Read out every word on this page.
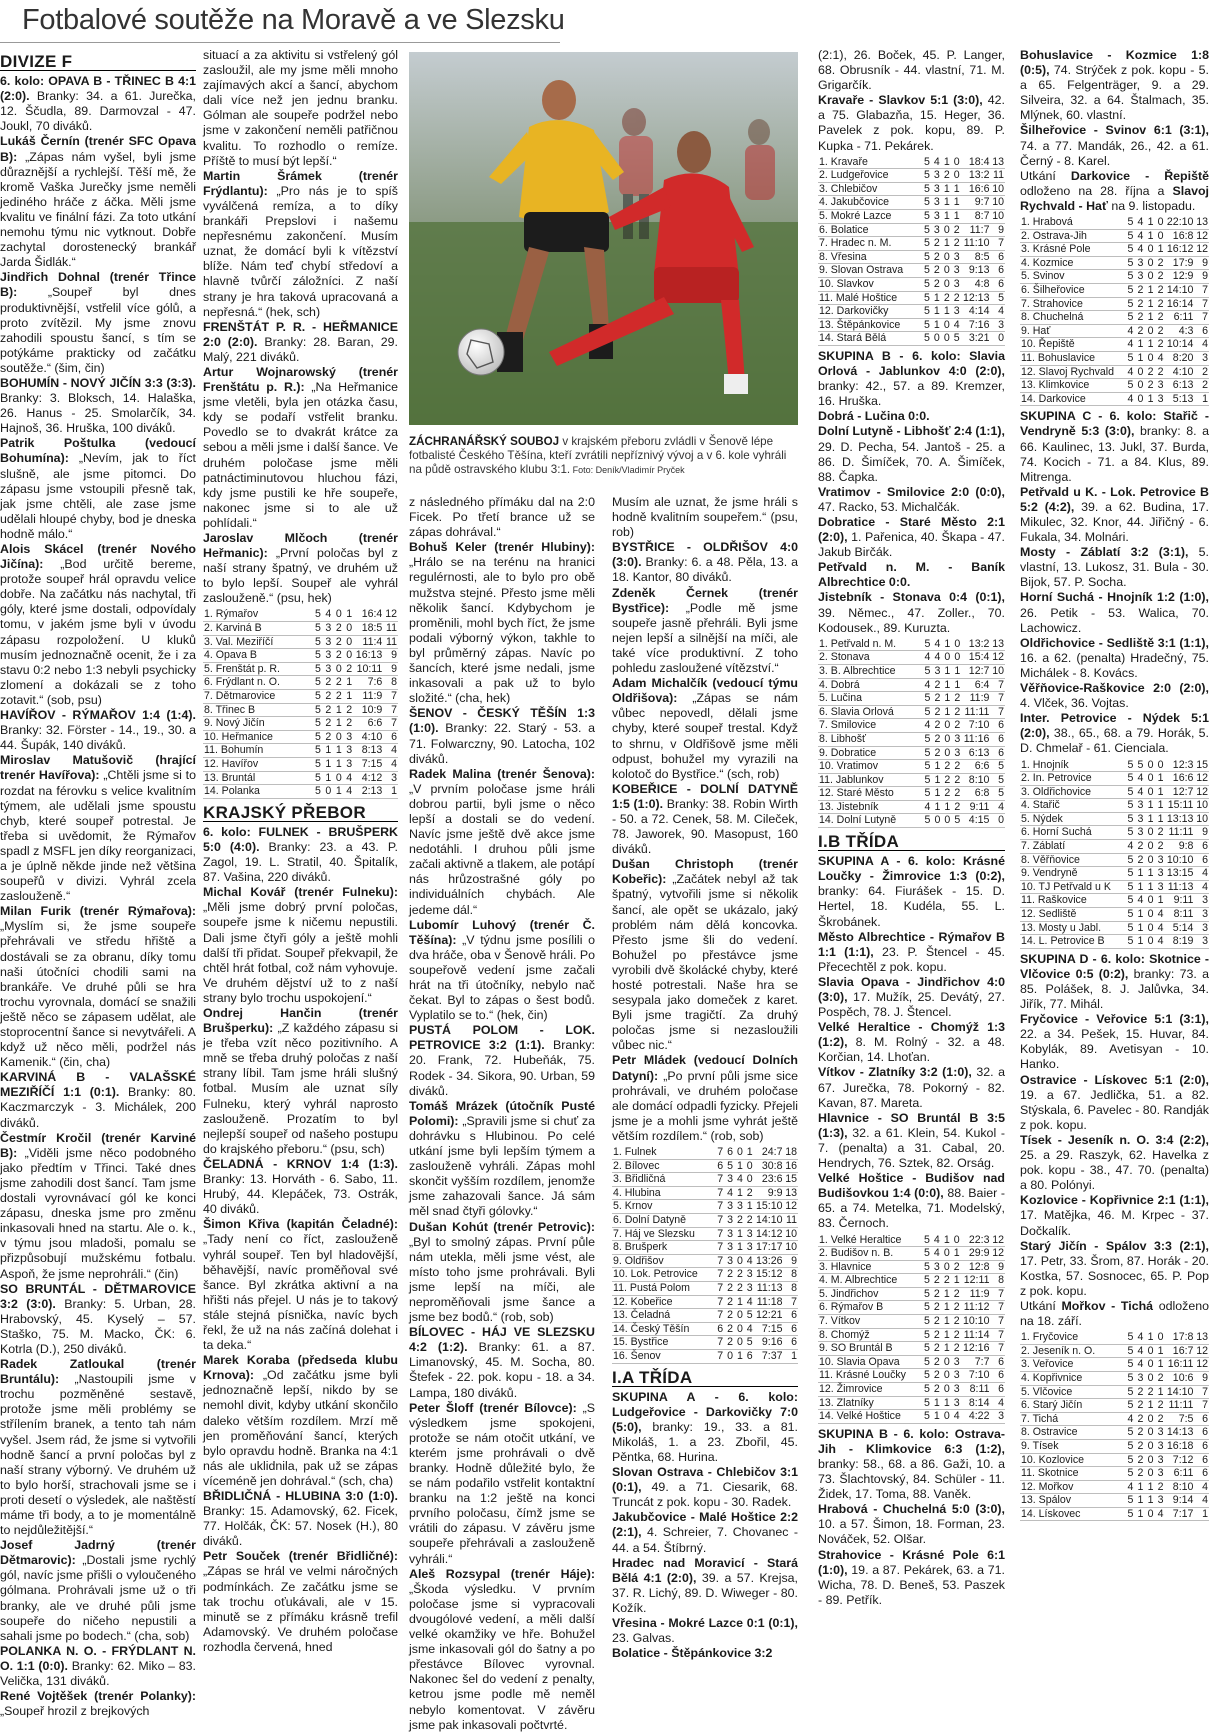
Fotbalové soutěže na Moravě a ve Slezsku
DIVIZE F

6. kolo: OPAVA B - TŘINEC B 4:1 (2:0). Branky: 34. a 61. Jurečka, 12. Ščudla, 89. Darmovzal - 47. Joukl, 70 diváků.

Lukáš Černín (trenér SFC Opava B): „Zápas nám vyšel, byli jsme důraznější a rychlejší. Těší mě, že kromě Vaška Jurečky jsme neměli jediného hráče z áčka. Měli jsme kvalitu ve finální fázi. Za toto utkání nemohu týmu nic vytknout. Dobře zachytal dorostenecký brankář Jarda Šidlák.“

Jindřich Dohnal (trenér Třince B): „Soupeř byl dnes produktivnější, vstřelil více gólů, a proto zvítězil. My jsme znovu zahodili spoustu šancí, s tím se potýkáme prakticky od začátku soutěže.“ (šim, čin)

BOHUMÍN - NOVÝ JIČÍN 3:3 (3:3). Branky: 3. Bloksch, 14. Halaška, 26. Hanus - 25. Smolarčík, 34. Hajnoš, 36. Hruška, 100 diváků.

Patrik Poštulka (vedoucí Bohumína): „Nevím, jak to říct slušně, ale jsme pitomci. Do zápasu jsme vstoupili přesně tak, jak jsme chtěli, ale zase jsme udělali hloupé chyby, bod je dneska hodně málo.“

Alois Skácel (trenér Nového Jičína): „Bod určitě bereme, protože soupeř hrál opravdu velice dobře. Na začátku nás nachytal, tři góly, které jsme dostali, odpovídaly tomu, v jakém jsme byli v úvodu zápasu rozpoložení. U kluků musím jednoznačně ocenit, že i za stavu 0:2 nebo 1:3 nebyli psychicky zlomení a dokázali se z toho zotavit.“ (sob, psu)

HAVÍŘOV - RÝMAŘOV 1:4 (1:4). Branky: 32. Förster - 14., 19., 30. a 44. Šupák, 140 diváků.

Miroslav Matušovič (hrající trenér Havířova): „Chtěli jsme si to rozdat na férovku s velice kvalitním týmem, ale udělali jsme spoustu chyb, které soupeř potrestal. Je třeba si uvědomit, že Rýmařov spadl z MSFL jen díky reorganizaci, a je úplně někde jinde než většina soupeřů v divizi. Vyhrál zcela zaslouženě.“

Milan Furik (trenér Rýmařova): „Myslím si, že jsme soupeře přehrávali ve středu hřiště a dostávali se za obranu, díky tomu naši útočníci chodili sami na brankáře. Ve druhé půli se hra trochu vyrovnala, domácí se snažili ještě něco se zápasem udělat, ale stoprocentní šance si nevytvářeli. A když už něco měli, podržel nás Kamenik.“ (čin, cha)

KARVINÁ B - VALAŠSKÉ MEZIŘÍČÍ 1:1 (0:1). Branky: 80. Kaczmarczyk - 3. Michálek, 200 diváků.

Čestmír Kročil (trenér Karviné B): „Viděli jsme něco podobného jako předtím v Třinci. Také dnes jsme zahodili dost šancí. Tam jsme dostali vyrovnávací gól ke konci zápasu, dneska jsme pro změnu inkasovali hned na startu. Ale o. k., v týmu jsou mladoši, pomalu se přizpůsobují mužskému fotbalu. Aspoň, že jsme neprohráli.“ (čin)

SO BRUNTÁL - DĚTMAROVICE 3:2 (3:0). Branky: 5. Urban, 28. Hrabovský, 45. Kyselý – 57. Staško, 75. M. Macko, ČK: 6. Kotrla (D.), 250 diváků.

Radek Zatloukal (trenér Bruntálu): „Nastoupili jsme v trochu pozměněné sestavě, protože jsme měli problémy se střílením branek, a tento tah nám vyšel. Jsem rád, že jsme si vytvořili hodně šancí a první poločas byl z naší strany výborný. Ve druhém už to bylo horší, strachovali jsme se i proti desetí o výsledek, ale naštěstí máme tři body, a to je momentálně to nejdůležitější.“

Josef Jadrný (trenér Dětmarovic): „Dostali jsme rychlý gól, navíc jsme přišli o vyloučeného gólmana. Prohrávali jsme už o tři branky, ale ve druhé půli jsme soupeře do ničeho nepustili a sahali jsme po bodech.“ (cha, sob)

POLANKA N. O. - FRÝDLANT N. O. 1:1 (0:0). Branky: 62. Miko – 83. Velička, 131 diváků.

René Vojtěšek (trenér Polanky): „Soupeř hrozil z brejkových

situací a za aktivitu si vstřelený gól zasloužil, ale my jsme měli mnoho zajímavých akcí a šancí, abychom dali více než jen jednu branku. Gólman ale soupeře podržel nebo jsme v zakončení neměli patřičnou kvalitu. To rozhodlo o remíze. Příště to musí být lepší.“

Martin Šrámek (trenér Frýdlantu): „Pro nás je to spíš vyválčená remíza, a to díky brankáři Prepslovi i našemu nepřesnému zakončení. Musím uznat, že domácí byli k vítězství blíže. Nám teď chybí středoví a hlavně tvůrčí záložníci. Z naší strany je hra taková upracovaná a nepřesná.“ (hek, sch)

FRENŠTÁT P. R. - HEŘMANICE 2:0 (2:0). Branky: 28. Baran, 29. Malý, 221 diváků.

Artur Wojnarowský (trenér Frenštátu p. R.): „Na Heřmanice jsme vletěli, byla jen otázka času, kdy se podaří vstřelit branku. Povedlo se to dvakrát krátce za sebou a měli jsme i další šance. Ve druhém poločase jsme měli patnáctiminutovou hluchou fázi, kdy jsme pustili ke hře soupeře, nakonec jsme si to ale už pohlídali.“

Jaroslav Mlčoch (trenér Heřmanic): „První poločas byl z naší strany špatný, ve druhém už to bylo lepší. Soupeř ale vyhrál zaslouženě.“ (psu, hek)

1. Rýmařov	5	4	0	1	16:4	12
2. Karviná B	5	3	2	0	18:5	11
3. Val. Meziříčí	5	3	2	0	11:4	11
4. Opava B	5	3	2	0	16:13	9
5. Frenštát p. R.	5	3	0	2	10:11	9
6. Frýdlant n. O.	5	2	2	1	7:6	8
7. Dětmarovice	5	2	2	1	11:9	7
8. Třinec B	5	2	1	2	10:9	7
9. Nový Jičín	5	2	1	2	6:6	7
10. Heřmanice	5	2	0	3	4:10	6
11. Bohumín	5	1	1	3	8:13	4
12. Havířov	5	1	1	3	7:15	4
13. Bruntál	5	1	0	4	4:12	3
14. Polanka	5	0	1	4	2:13	1
KRAJSKÝ PŘEBOR

6. kolo: FULNEK - BRUŠPERK 5:0 (4:0). Branky: 23. a 43. P. Zagol, 19. L. Stratil, 40. Špitalík, 87. Vašina, 220 diváků.

Michal Kovář (trenér Fulneku): „Měli jsme dobrý první poločas, soupeře jsme k ničemu nepustili. Dali jsme čtyři góly a ještě mohli další tři přidat. Soupeř překvapil, že chtěl hrát fotbal, což nám vyhovuje. Ve druhém dějství už to z naší strany bylo trochu uspokojení.“

Ondrej Hančin (trenér Brušperku): „Z každého zápasu si je třeba vzít něco pozitivního. A mně se třeba druhý poločas z naší strany líbil. Tam jsme hráli slušný fotbal. Musím ale uznat síly Fulneku, který vyhrál naprosto zaslouženě. Prozatím to byl nejlepší soupeř od našeho postupu do krajského přeboru.“ (psu, sch)

ČELADNÁ - KRNOV 1:4 (1:3). Branky: 13. Horváth - 6. Sabo, 11. Hrubý, 44. Klepáček, 73. Ostrák, 40 diváků.

Šimon Křiva (kapitán Čeladné): „Tady není co říct, zaslouženě vyhrál soupeř. Ten byl hladovější, běhavější, navíc proměňoval své šance. Byl zkrátka aktivní a na hřišti nás přejel. U nás je to takový stále stejná písnička, navíc bych řekl, že už na nás začíná dolehat i ta deka.“

Marek Koraba (předseda klubu Krnova): „Od začátku jsme byli jednoznačně lepší, nikdo by se nemohl divit, kdyby utkání skončilo daleko větším rozdílem. Mrzí mě jen proměňování šancí, kterých bylo opravdu hodně. Branka na 4:1 nás ale uklidnila, pak už se zápas víceméně jen dohrával.“ (sch, cha)

BŘIDLIČNÁ - HLUBINA 3:0 (1:0). Branky: 15. Adamovský, 62. Ficek, 77. Holčák, ČK: 57. Nosek (H.), 80 diváků.

Petr Souček (trenér Břidličné): „Zápas se hrál ve velmi náročných podmínkách. Ze začátku jsme se tak trochu oťukávali, ale v 15. minutě se z přímáku krásně trefil Adamovský. Ve druhém poločase rozhodla červená, hned

ZÁCHRANÁŘSKÝ SOUBOJ v krajském přeboru zvládli v Šenově lépe fotbalisté Českého Těšína, kteří zvrátili nepříznivý vývoj a v 6. kole vyhráli na půdě ostravského klubu 3:1. Foto: Deník/Vladimír Pryček

z následného přímáku dal na 2:0 Ficek. Po třetí brance už se zápas dohrával.“

Bohuš Keler (trenér Hlubiny): „Hrálo se na terénu na hranici regulérnosti, ale to bylo pro obě mužstva stejné. Přesto jsme měli několik šancí. Kdybychom je proměnili, mohl bych říct, že jsme podali výborný výkon, takhle to byl průměrný zápas. Navíc po šancích, které jsme nedali, jsme inkasovali a pak už to bylo složité.“ (cha, hek)

ŠENOV - ČESKÝ TĚŠÍN 1:3 (1:0). Branky: 22. Starý - 53. a 71. Folwarczny, 90. Latocha, 102 diváků.

Radek Malina (trenér Šenova): „V prvním poločase jsme hráli dobrou partii, byli jsme o něco lepší a dostali se do vedení. Navíc jsme ještě dvě akce jsme nedotáhli. I druhou půli jsme začali aktivně a tlakem, ale potápí nás hrůzostrašné góly po individuálních chybách. Ale jedeme dál.“

Lubomír Luhový (trenér Č. Těšína): „V týdnu jsme posílili o dva hráče, oba v Šenově hráli. Po soupeřově vedení jsme začali hrát na tři útočníky, nebylo nač čekat. Byl to zápas o šest bodů. Vyplatilo se to.“ (hek, čin)

PUSTÁ POLOM - LOK. PETROVICE 3:2 (1:1). Branky: 20. Frank, 72. Hubeňák, 75. Rodek - 34. Sikora, 90. Urban, 59 diváků.

Tomáš Mrázek (útočník Pusté Polomi): „Spravili jsme si chuť za dohrávku s Hlubinou. Po celé utkání jsme byli lepším týmem a zaslouženě vyhráli. Zápas mohl skončit vyšším rozdílem, jenomže jsme zahazovali šance. Já sám měl snad čtyři gólovky.“

Dušan Kohút (trenér Petrovic): „Byl to smolný zápas. První půle nám utekla, měli jsme vést, ale místo toho jsme prohrávali. Byli jsme lepší na míči, ale neproměňovali jsme šance a jsme bez bodů.“ (rob, sob)

BÍLOVEC - HÁJ VE SLEZSKU 4:2 (1:2). Branky: 61. a 87. Limanovský, 45. M. Socha, 80. Štefek - 22. pok. kopu - 18. a 34. Lampa, 180 diváků.

Peter Šloff (trenér Bílovce): „S výsledkem jsme spokojeni, protože se nám otočit utkání, ve kterém jsme prohrávali o dvě branky. Hodně důležité bylo, že se nám podařilo vstřelit kontaktní branku na 1:2 ještě na konci prvního poločasu, čímž jsme se vrátili do zápasu. V závěru jsme soupeře přehrávali a zaslouženě vyhráli.“

Aleš Rozsypal (trenér Háje): „Škoda výsledku. V prvním poločase jsme si vypracovali dvougólové vedení, a měli další velké okamžiky ve hře. Bohužel jsme inkasovali gól do šatny a po přestávce Bílovec vyrovnal. Nakonec šel do vedení z penalty, ketrou jsme podle mě neměl nebylo komentovat. V závěru jsme pak inkasovali počtvrté.

Musím ale uznat, že jsme hráli s hodně kvalitním soupeřem.“ (psu, rob)

BYSTŘICE - OLDŘIŠOV 4:0 (3:0). Branky: 6. a 48. Pěla, 13. a 18. Kantor, 80 diváků.

Zdeněk Černek (trenér Bystřice): „Podle mě jsme soupeře jasně přehráli. Byli jsme nejen lepší a silnější na míči, ale také více produktivní. Z toho pohledu zasloužené vítězství.“

Adam Michalčík (vedoucí týmu Oldřišova): „Zápas se nám vůbec nepovedl, dělali jsme chyby, které soupeř trestal. Když to shrnu, v Oldřišově jsme měli odpust, bohužel my vyrazili na kolotoč do Bystřice.“ (sch, rob)

KOBEŘICE - DOLNÍ DATYNĚ 1:5 (1:0). Branky: 38. Robin Wirth - 50. a 72. Cenek, 58. M. Cileček, 78. Jaworek, 90. Masopust, 160 diváků.

Dušan Christoph (trenér Kobeřic): „Začátek nebyl až tak špatný, vytvořili jsme si několik šancí, ale opět se ukázalo, jaký problém nám dělá koncovka. Přesto jsme šli do vedení. Bohužel po přestávce jsme vyrobili dvě školácké chyby, které hosté potrestali. Naše hra se sesypala jako domeček z karet. Byli jsme tragičtí. Za druhý poločas jsme si nezasloužili vůbec nic.“

Petr Mládek (vedoucí Dolních Datyní): „Po první půli jsme sice prohrávali, ve druhém poločase ale domácí odpadli fyzicky. Přejeli jsme je a mohli jsme vyhrát ještě větším rozdílem.“ (rob, sob)

1. Fulnek	7	6	0	1	24:7	18
2. Bílovec	6	5	1	0	30:8	16
3. Břidličná	7	3	4	0	23:6	15
4. Hlubina	7	4	1	2	9:9	13
5. Krnov	7	3	3	1	15:10	12
6. Dolní Datyně	7	3	2	2	14:10	11
7. Háj ve Slezsku	7	3	1	3	14:12	10
8. Brušperk	7	3	1	3	17:17	10
9. Oldřišov	7	3	0	4	13:26	9
10. Lok. Petrovice	7	2	2	3	15:12	8
11. Pustá Polom	7	2	2	3	11:13	8
12. Kobeřice	7	2	1	4	11:18	7
13. Čeladná	7	2	0	5	12:21	6
14. Český Těšín	6	2	0	4	7:15	6
15. Bystřice	7	2	0	5	9:16	6
16. Šenov	7	0	1	6	7:37	1
I.A TŘÍDA

SKUPINA A - 6. kolo: Ludgeřovice - Darkovičky 7:0 (5:0), branky: 19., 33. a 81. Mikoláš, 1. a 23. Zbořil, 45. Pěntka, 68. Hurina.

Slovan Ostrava - Chlebičov 3:1 (0:1), 49. a 71. Ciesarik, 68. Truncát z pok. kopu - 30. Radek.

Jakubčovice - Malé Hoštice 2:2 (2:1), 4. Schreier, 7. Chovanec - 44. a 54. Štíbrný.

Hradec nad Moravicí - Stará Bělá 4:1 (2:0), 39. a 57. Krejsa, 37. R. Lichý, 89. D. Wiweger - 80. Kožík.

Vřesina - Mokré Lazce 0:1 (0:1), 23. Galvas.

Bolatice - Štěpánkovice 3:2

(2:1), 26. Boček, 45. P. Langer, 68. Obrusník - 44. vlastní, 71. M. Grigarčík.

Kravaře - Slavkov 5:1 (3:0), 42. a 75. Glabazňa, 15. Heger, 36. Pavelek z pok. kopu, 89. P. Kupka - 71. Pekárek.

1. Kravaře	5	4	1	0	18:4	13
2. Ludgeřovice	5	3	2	0	13:2	11
3. Chlebičov	5	3	1	1	16:6	10
4. Jakubčovice	5	3	1	1	9:7	10
5. Mokré Lazce	5	3	1	1	8:7	10
6. Bolatice	5	3	0	2	11:7	9
7. Hradec n. M.	5	2	1	2	11:10	7
8. Vřesina	5	2	0	3	8:5	6
9. Slovan Ostrava	5	2	0	3	9:13	6
10. Slavkov	5	2	0	3	4:8	6
11. Malé Hoštice	5	1	2	2	12:13	5
12. Darkovičky	5	1	1	3	4:14	4
13. Štěpánkovice	5	1	0	4	7:16	3
14. Stará Bělá	5	0	0	5	3:21	0

SKUPINA B - 6. kolo: Slavia Orlová - Jablunkov 4:0 (2:0), branky: 42., 57. a 89. Kremzer, 16. Hruška.

Dobrá - Lučina 0:0.

Dolní Lutyně - Libhošť 2:4 (1:1), 29. D. Pecha, 54. Jantoš - 25. a 86. D. Šimíček, 70. A. Šimíček, 88. Čapka.

Vratimov - Smilovice 2:0 (0:0), 47. Racko, 53. Michalčák.

Dobratice - Staré Město 2:1 (2:0), 1. Pařenica, 40. Škapa - 47. Jakub Birčák.

Petřvald n. M. - Baník Albrechtice 0:0.

Jistebník - Stonava 0:4 (0:1), 39. Němec., 47. Zoller., 70. Kodousek., 89. Kuruzta.

1. Petřvald n. M.	5	4	1	0	13:2	13
2. Stonava	4	4	0	0	15:4	12
3. B. Albrechtice	5	3	1	1	12:7	10
4. Dobrá	4	2	1	1	6:4	7
5. Lučina	5	2	1	2	11:9	7
6. Slavia Orlová	5	2	1	2	11:11	7
7. Smilovice	4	2	0	2	7:10	6
8. Libhošť	5	2	0	3	11:16	6
9. Dobratice	5	2	0	3	6:13	6
10. Vratimov	5	1	2	2	6:6	5
11. Jablunkov	5	1	2	2	8:10	5
12. Staré Město	5	1	2	2	6:8	5
13. Jistebník	4	1	1	2	9:11	4
14. Dolní Lutyně	5	0	0	5	4:15	0
I.B TŘÍDA

SKUPINA A - 6. kolo: Krásné Loučky - Žimrovice 1:3 (0:2), branky: 64. Fiurášek - 15. D. Hertel, 18. Kudéla, 55. L. Škrobánek.

Město Albrechtice - Rýmařov B 1:1 (1:1), 23. P. Štencel - 45. Přecechtěl z pok. kopu.

Slavia Opava - Jindřichov 4:0 (3:0), 17. Mužík, 25. Devátý, 27. Pospěch, 78. J. Štencel.

Velké Heraltice - Chomýž 1:3 (1:2), 8. M. Rolný - 32. a 48. Korčian, 14. Lhoťan.

Vítkov - Zlatníky 3:2 (1:0), 32. a 67. Jurečka, 78. Pokorný - 82. Kavan, 87. Mareta.

Hlavnice - SO Bruntál B 3:5 (1:3), 32. a 61. Klein, 54. Kukol - 7. (penalta) a 31. Cabal, 20. Hendrych, 76. Sztek, 82. Orság.

Velké Hoštice - Budišov nad Budišovkou 1:4 (0:0), 88. Baier - 65. a 74. Metelka, 71. Modelský, 83. Černoch.

1. Velké Heraltice	5	4	1	0	22:3	12
2. Budišov n. B.	5	4	0	1	29:9	12
3. Hlavnice	5	3	0	2	12:8	9
4. M. Albrechtice	5	2	2	1	12:11	8
5. Jindřichov	5	2	1	2	11:9	7
6. Rýmařov B	5	2	1	2	11:12	7
7. Vítkov	5	2	1	2	10:10	7
8. Chomýž	5	2	1	2	11:14	7
9. SO Bruntál B	5	2	1	2	12:16	7
10. Slavia Opava	5	2	0	3	7:7	6
11. Krásné Loučky	5	2	0	3	7:10	6
12. Žimrovice	5	2	0	3	8:11	6
13. Zlatníky	5	1	1	3	8:14	4
14. Velké Hoštice	5	1	0	4	4:22	3

SKUPINA B - 6. kolo: Ostrava-Jih - Klimkovice 6:3 (1:2), branky: 58., 68. a 86. Gaži, 10. a 73. Šlachtovský, 84. Schüler - 11. Židek, 17. Toma, 88. Vaněk.

Hrabová - Chuchelná 5:0 (3:0), 10. a 57. Šimon, 18. Forman, 23. Nováček, 52. Olšar.

Strahovice - Krásné Pole 6:1 (1:0), 19. a 87. Pekárek, 63. a 71. Wicha, 78. D. Beneš, 53. Paszek - 89. Petřík.

Bohuslavice - Kozmice 1:8 (0:5), 74. Strýček z pok. kopu - 5. a 65. Felgenträger, 9. a 29. Silveira, 32. a 64. Štalmach, 35. Mlýnek, 60. vlastní.

Šilheřovice - Svinov 6:1 (3:1), 74. a 77. Mandák, 26., 42. a 61. Černý - 8. Karel.

Utkání Darkovice - Řepiště odloženo na 28. října a Slavoj Rychvald - Hať na 9. listopadu.

1. Hrabová	5	4	1	0	22:10	13
2. Ostrava-Jih	5	4	1	0	16:8	12
3. Krásné Pole	5	4	0	1	16:12	12
4. Kozmice	5	3	0	2	17:9	9
5. Svinov	5	3	0	2	12:9	9
6. Šilheřovice	5	2	1	2	14:10	7
7. Strahovice	5	2	1	2	16:14	7
8. Chuchelná	5	2	1	2	6:11	7
9. Hať	4	2	0	2	4:3	6
10. Řepiště	4	1	1	2	10:14	4
11. Bohuslavice	5	1	0	4	8:20	3
12. Slavoj Rychvald	4	0	2	2	4:10	2
13. Klimkovice	5	0	2	3	6:13	2
14. Darkovice	4	0	1	3	5:13	1

SKUPINA C - 6. kolo: Stařič - Vendryně 5:3 (3:0), branky: 8. a 66. Kaulinec, 13. Jukl, 37. Burda, 74. Kocich - 71. a 84. Klus, 89. Mitrenga.

Petřvald u K. - Lok. Petrovice B 5:2 (4:2), 39. a 62. Budina, 17. Mikulec, 32. Knor, 44. Jiřičný - 6. Fukala, 34. Molnári.

Mosty - Záblatí 3:2 (3:1), 5. vlastní, 13. Lukosz, 31. Bula - 30. Bijok, 57. P. Socha.

Horní Suchá - Hnojník 1:2 (1:0), 26. Petik - 53. Walica, 70. Lachowicz.

Oldřichovice - Sedliště 3:1 (1:1), 16. a 62. (penalta) Hradečný, 75. Michálek - 8. Kovács.

Věřňovice-Raškovice 2:0 (2:0), 4. Vlček, 36. Vojtas.

Inter. Petrovice - Nýdek 5:1 (2:0), 38., 65., 68. a 79. Horák, 5. D. Chmelař - 61. Cienciala.

1. Hnojník	5	5	0	0	12:3	15
2. In. Petrovice	5	4	0	1	16:6	12
3. Oldřichovice	5	4	0	1	12:7	12
4. Stařič	5	3	1	1	15:11	10
5. Nýdek	5	3	1	1	13:13	10
6. Horní Suchá	5	3	0	2	11:11	9
7. Záblatí	4	2	0	2	9:8	6
8. Věřňovice	5	2	0	3	10:10	6
9. Vendryně	5	1	1	3	13:15	4
10. TJ Petřvald u K	5	1	1	3	11:13	4
11. Raškovice	5	4	0	1	9:11	3
12. Sedliště	5	1	0	4	8:11	3
13. Mosty u Jabl.	5	1	0	4	5:14	3
14. L. Petrovice B	5	1	0	4	8:19	3

SKUPINA D - 6. kolo: Skotnice - Vlčovice 0:5 (0:2), branky: 73. a 85. Polášek, 8. J. Jalůvka, 34. Jiřík, 77. Mihál.

Fryčovice - Veřovice 5:1 (3:1), 22. a 34. Pešek, 15. Huvar, 84. Kobylák, 89. Avetisyan - 10. Hanko.

Ostravice - Lískovec 5:1 (2:0), 19. a 67. Jedlička, 51. a 82. Stýskala, 6. Pavelec - 80. Randják z pok. kopu.

Tísek - Jeseník n. O. 3:4 (2:2), 25. a 29. Raszyk, 62. Havelka z pok. kopu - 38., 47. 70. (penalta) a 80. Polónyi.

Kozlovice - Kopřivnice 2:1 (1:1), 17. Matějka, 46. M. Krpec - 37. Dočkalík.

Starý Jičín - Spálov 3:3 (2:1), 17. Petr, 33. Šrom, 87. Horák - 20. Kostka, 57. Sosnocec, 65. P. Pop z pok. kopu.

Utkání Mořkov - Tichá odloženo na 18. září.

1. Fryčovice	5	4	1	0	17:8	13
2. Jeseník n. O.	5	4	0	1	16:7	12
3. Veřovice	5	4	0	1	16:11	12
4. Kopřivnice	5	3	0	2	10:6	9
5. Vlčovice	5	2	2	1	14:10	7
6. Starý Jičín	5	2	1	2	11:11	7
7. Tichá	4	2	0	2	7:5	6
8. Ostravice	5	2	0	3	14:13	6
9. Tísek	5	2	0	3	16:18	6
10. Kozlovice	5	2	0	3	7:12	6
11. Skotnice	5	2	0	3	6:11	6
12. Mořkov	4	1	1	2	8:10	4
13. Spálov	5	1	1	3	9:14	4
14. Lískovec	5	1	0	4	7:17	1
